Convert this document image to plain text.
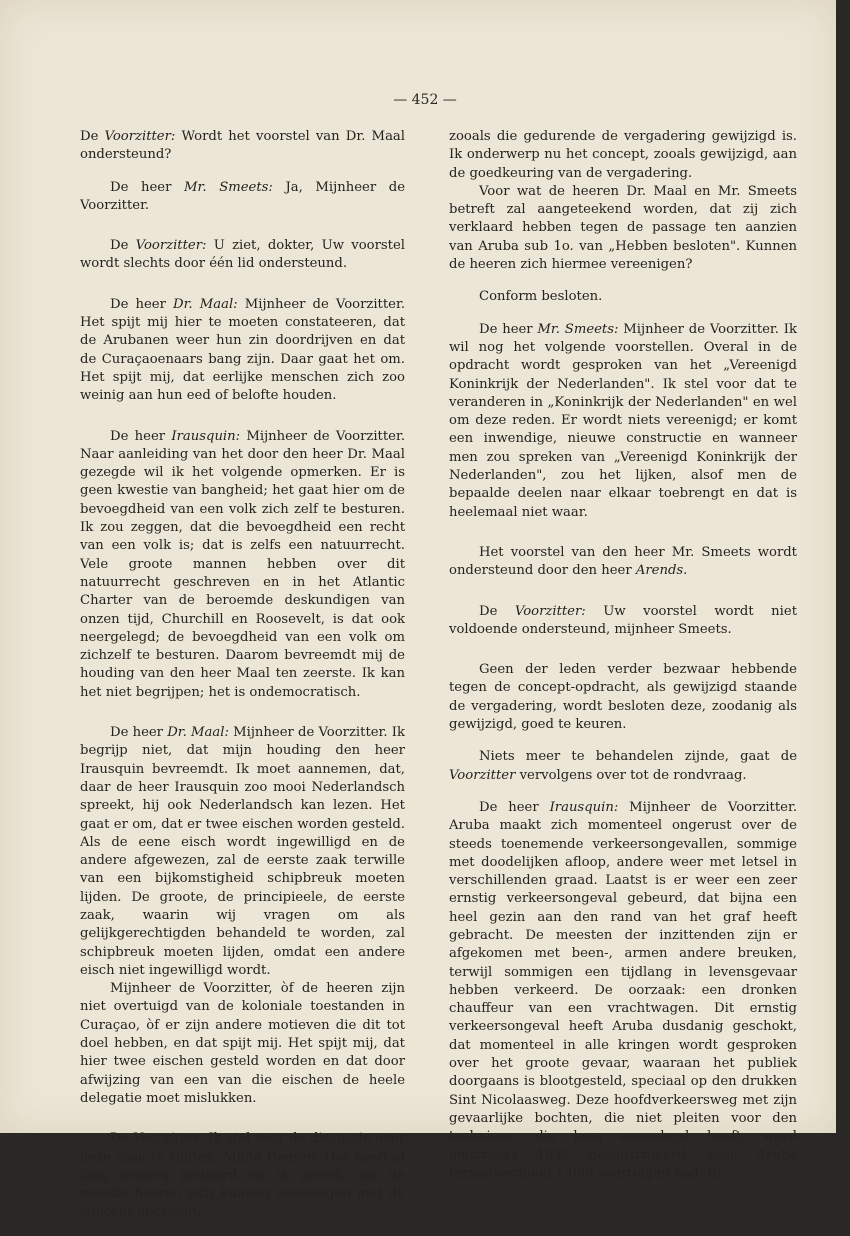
— 452 —

De Voorzitter: Wordt het voorstel van Dr. Maal ondersteund?

De heer Mr. Smeets: Ja, Mijnheer de Voorzitter.

De Voorzitter: U ziet, dokter, Uw voorstel wordt slechts door één lid ondersteund.

De heer Dr. Maal: Mijnheer de Voorzitter. Het spijt mij hier te moeten constateeren, dat de Arubanen weer hun zin doordrijven en dat de Curaçaoenaars bang zijn. Daar gaat het om. Het spijt mij, dat eerlijke menschen zich zoo weinig aan hun eed of belofte houden.

De heer Irausquin: Mijnheer de Voorzitter. Naar aanleiding van het door den heer Dr. Maal gezegde wil ik het volgende opmerken. Er is geen kwestie van bangheid; het gaat hier om de bevoegdheid van een volk zich zelf te besturen. Ik zou zeggen, dat die bevoegdheid een recht van een volk is; dat is zelfs een natuurrecht. Vele groote mannen hebben over dit natuurrecht geschreven en in het Atlantic Charter van de beroemde deskundigen van onzen tijd, Churchill en Roosevelt, is dat ook neergelegd; de bevoegdheid van een volk om zichzelf te besturen. Daarom bevreemdt mij de houding van den heer Maal ten zeerste. Ik kan het niet begrijpen; het is ondemocratisch.

De heer Dr. Maal: Mijnheer de Voorzitter. Ik begrijp niet, dat mijn houding den heer Irausquin bevreemdt. Ik moet aannemen, dat, daar de heer Irausquin zoo mooi Nederlandsch spreekt, hij ook Nederlandsch kan lezen. Het gaat er om, dat er twee eischen worden gesteld. Als de eene eisch wordt ingewilligd en de andere afgewezen, zal de eerste zaak terwille van een bijkomstigheid schipbreuk moeten lijden. De groote, de principieele, de eerste zaak, waarin wij vragen om als gelijkgerechtigden behandeld te worden, zal schipbreuk moeten lijden, omdat een andere eisch niet ingewilligd wordt.

Mijnheer de Voorzitter, òf de heeren zijn niet overtuigd van de koloniale toestanden in Curaçao, òf er zijn andere motieven die dit tot doel hebben, en dat spijt mij. Het spijt mij, dat hier twee eischen gesteld worden en dat door afwijzing van een van die eischen de heele delegatie moet mislukken.

De Voorzitter: Ik stel voor de discussie over deze zaak te sluiten, Mijne Heeren. Het heeft al lang genoeg geduurd en ik geloof, dat de meeste heeren zich kunnen vereenigen met de concept-opdracht,

zooals die gedurende de vergadering gewijzigd is. Ik onderwerp nu het concept, zooals gewijzigd, aan de goedkeuring van de vergadering.

Voor wat de heeren Dr. Maal en Mr. Smeets betreft zal aangeteekend worden, dat zij zich verklaard hebben tegen de passage ten aanzien van Aruba sub 1o. van „Hebben besloten". Kunnen de heeren zich hiermee vereenigen?

Conform besloten.

De heer Mr. Smeets: Mijnheer de Voorzitter. Ik wil nog het volgende voorstellen. Overal in de opdracht wordt gesproken van het „Vereenigd Koninkrijk der Nederlanden". Ik stel voor dat te veranderen in „Koninkrijk der Nederlanden" en wel om deze reden. Er wordt niets vereenigd; er komt een inwendige, nieuwe constructie en wanneer men zou spreken van „Vereenigd Koninkrijk der Nederlanden", zou het lijken, alsof men de bepaalde deelen naar elkaar toebrengt en dat is heelemaal niet waar.

Het voorstel van den heer Mr. Smeets wordt ondersteund door den heer Arends.

De Voorzitter: Uw voorstel wordt niet voldoende ondersteund, mijnheer Smeets.

Geen der leden verder bezwaar hebbende tegen de concept-opdracht, als gewijzigd staande de vergadering, wordt besloten deze, zoodanig als gewijzigd, goed te keuren.

Niets meer te behandelen zijnde, gaat de Voorzitter vervolgens over tot de rondvraag.

De heer Irausquin: Mijnheer de Voorzitter. Aruba maakt zich momenteel ongerust over de steeds toenemende verkeersongevallen, sommige met doodelijken afloop, andere weer met letsel in verschillenden graad. Laatst is er weer een zeer ernstig verkeersongeval gebeurd, dat bijna een heel gezin aan den rand van het graf heeft gebracht. De meesten der inzittenden zijn er afgekomen met been-, armen andere breuken, terwijl sommigen een tijdlang in levensgevaar hebben verkeerd. De oorzaak: een dronken chauffeur van een vrachtwagen. Dit ernstig verkeersongeval heeft Aruba dusdanig geschokt, dat momenteel in alle kringen wordt gesproken over het groote gevaar, waaraan het publiek doorgaans is blootgesteld, speciaal op den drukken Sint Nicolaasweg. Deze hoofdverkeersweg met zijn gevaarlijke bochten, die niet pleiten voor den technicus, die hem aangelegd heeft, werd omstreeks 1932 geconstrueerd, toen Aruba ternauwernood 1.000 voertuigen had. In
